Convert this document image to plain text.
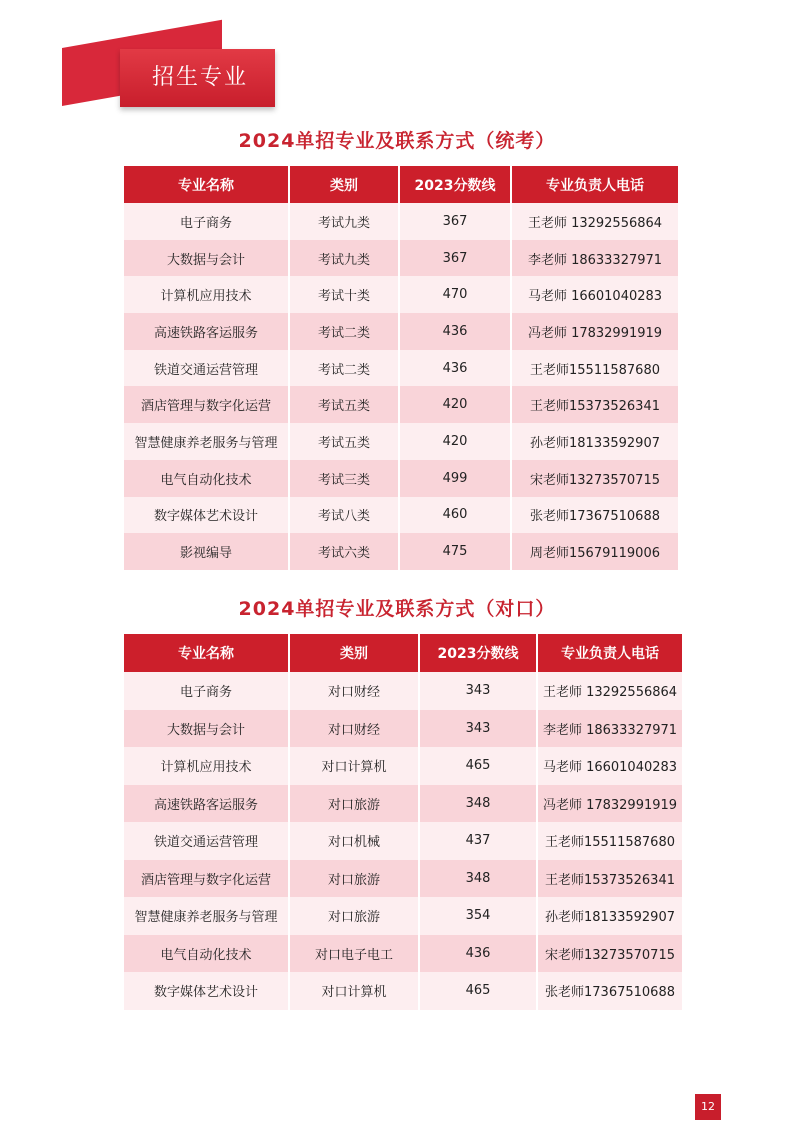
招生专业
2024单招专业及联系方式（统考）
专业名称	类别	2023分数线	专业负责人电话
电子商务	考试九类	367	王老师 13292556864
大数据与会计	考试九类	367	李老师 18633327971
计算机应用技术	考试十类	470	马老师 16601040283
高速铁路客运服务	考试二类	436	冯老师 17832991919
铁道交通运营管理	考试二类	436	王老师15511587680
酒店管理与数字化运营	考试五类	420	王老师15373526341
智慧健康养老服务与管理	考试五类	420	孙老师18133592907
电气自动化技术	考试三类	499	宋老师13273570715
数字媒体艺术设计	考试八类	460	张老师17367510688
影视编导	考试六类	475	周老师15679119006
2024单招专业及联系方式（对口）
专业名称	类别	2023分数线	专业负责人电话
电子商务	对口财经	343	王老师 13292556864
大数据与会计	对口财经	343	李老师 18633327971
计算机应用技术	对口计算机	465	马老师 16601040283
高速铁路客运服务	对口旅游	348	冯老师 17832991919
铁道交通运营管理	对口机械	437	王老师15511587680
酒店管理与数字化运营	对口旅游	348	王老师15373526341
智慧健康养老服务与管理	对口旅游	354	孙老师18133592907
电气自动化技术	对口电子电工	436	宋老师13273570715
数字媒体艺术设计	对口计算机	465	张老师17367510688
12
